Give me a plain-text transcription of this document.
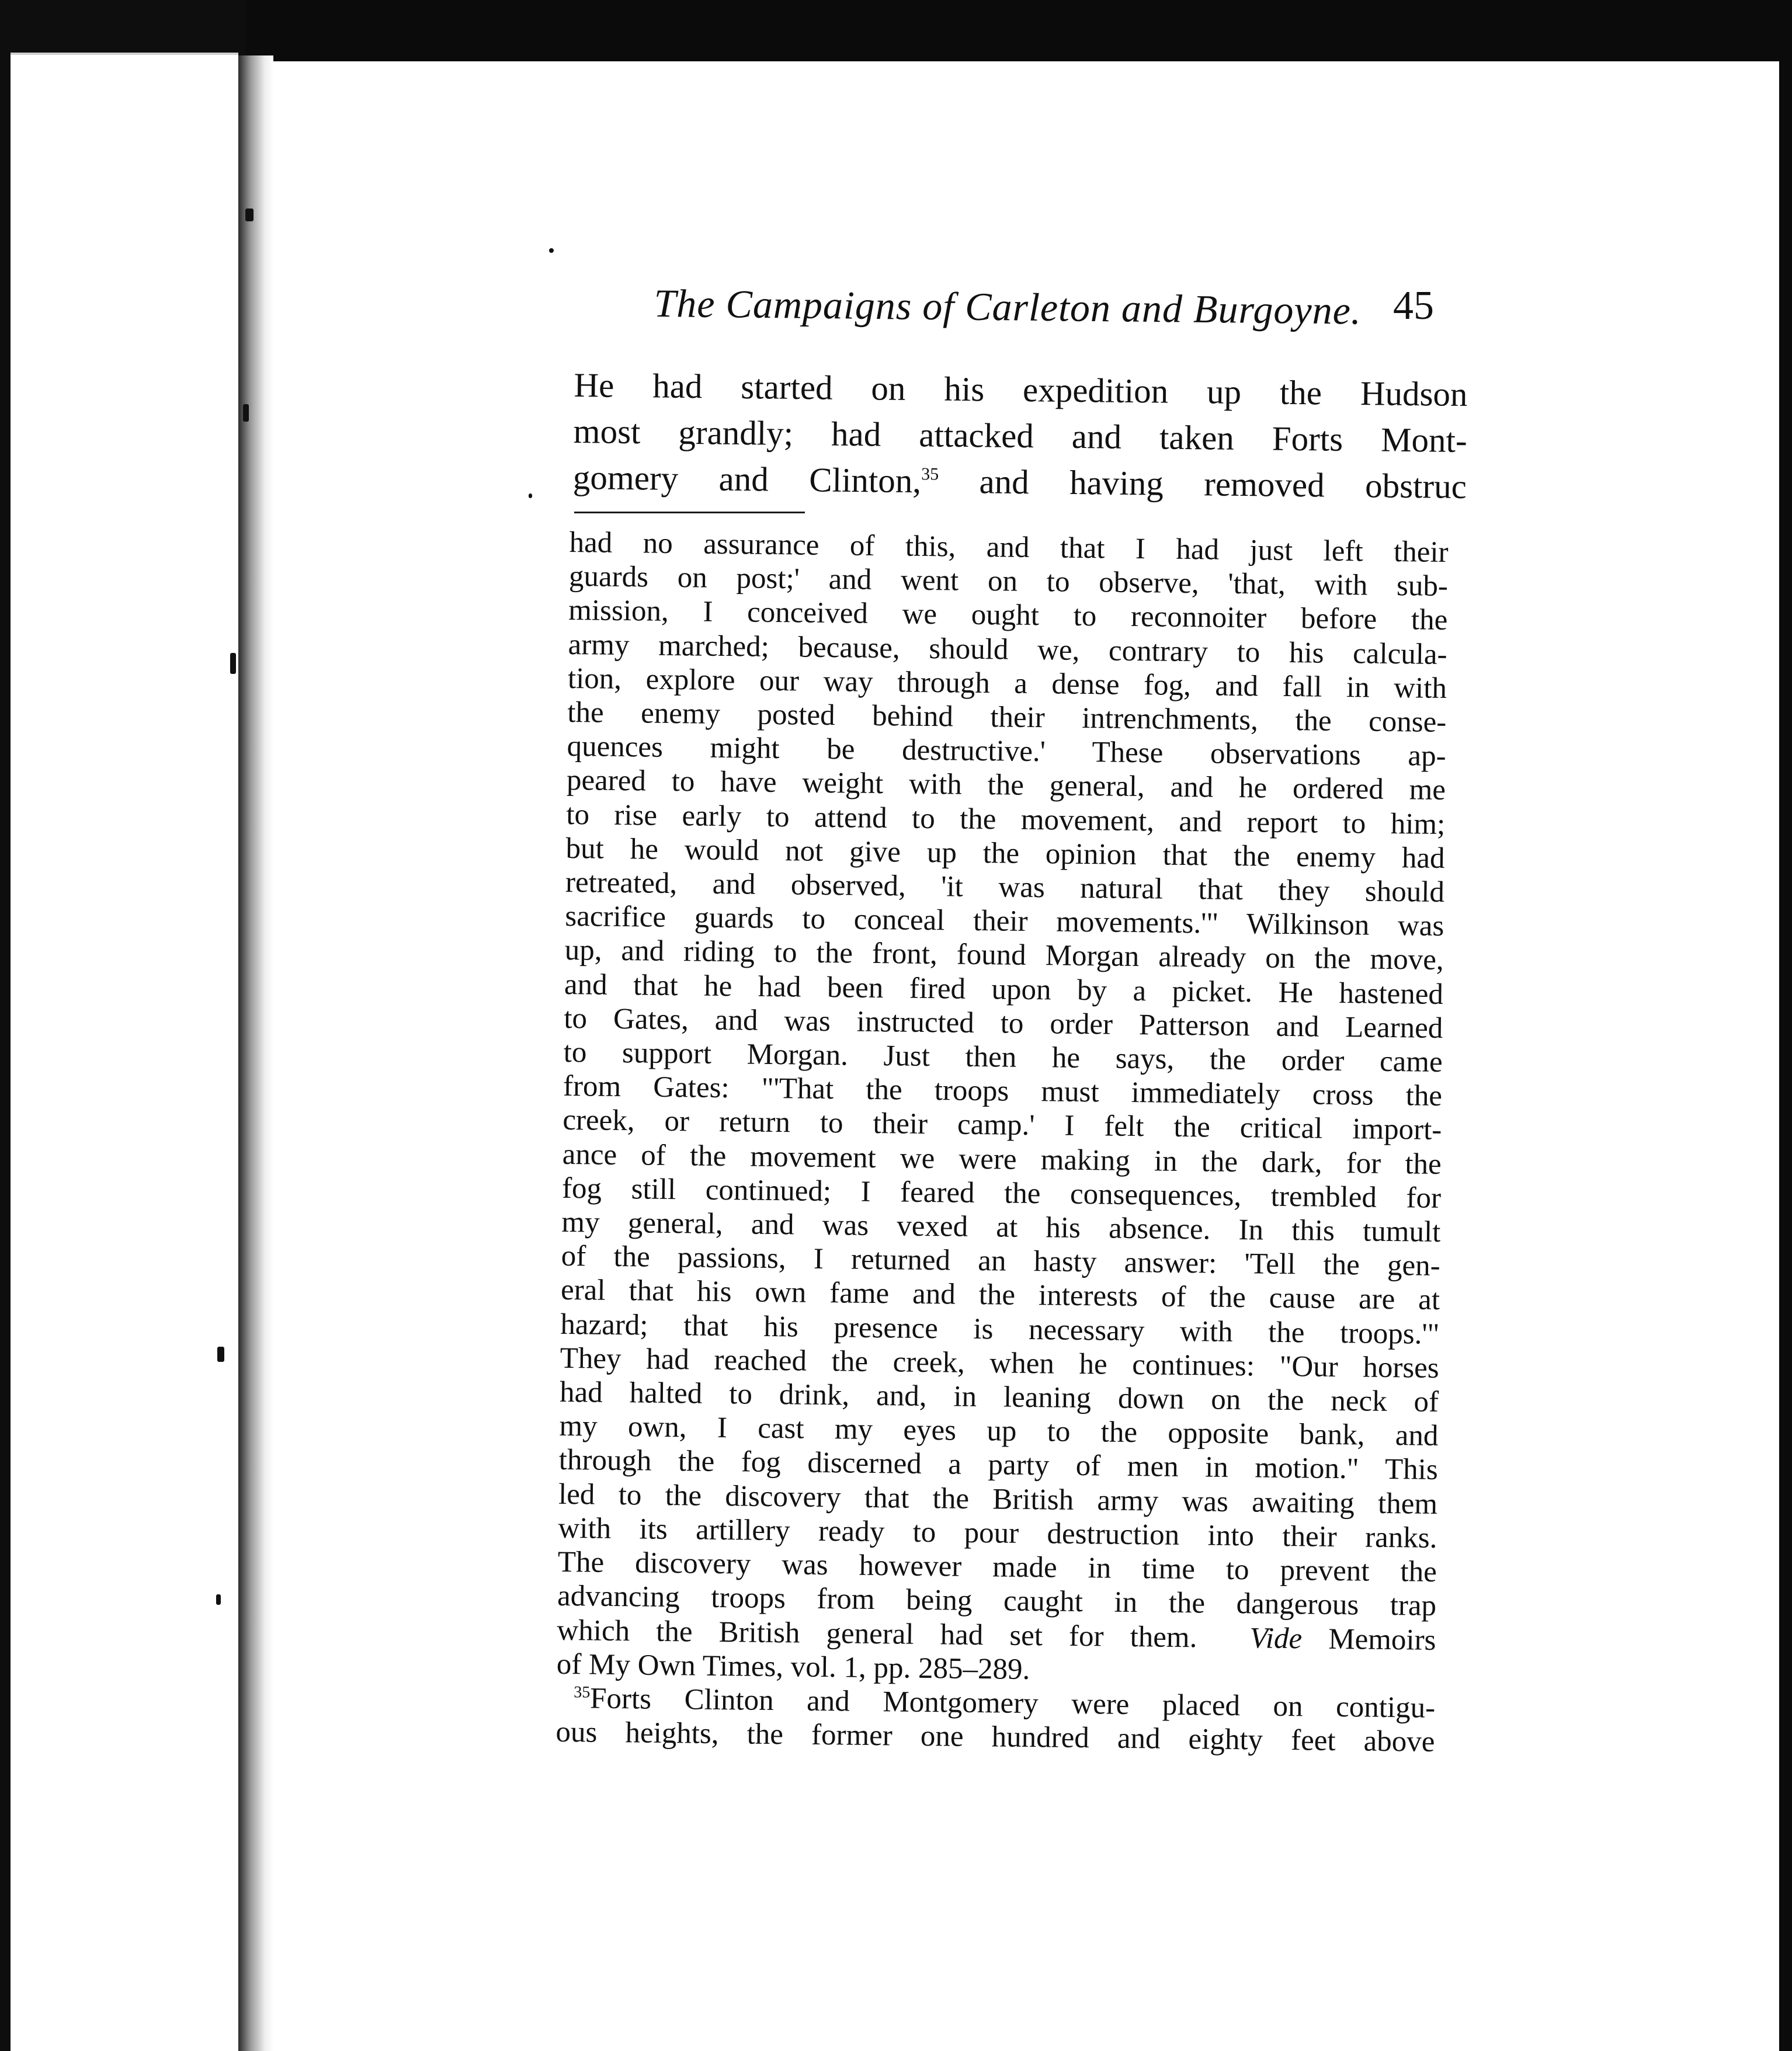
The Campaigns of Carleton and Burgoyne. 45
He had started on his expedition up the Hudson
most grandly; had attacked and taken Forts Mont-
gomery and Clinton,$^{35}$ and having removed obstruc
had no assurance of this, and that I had just left their
guards on post;' and went on to observe, 'that, with sub-
mission, I conceived we ought to reconnoiter before the
army marched; because, should we, contrary to his calcula-
tion, explore our way through a dense fog, and fall in with
the enemy posted behind their intrenchments, the conse-
quences might be destructive.' These observations ap-
peared to have weight with the general, and he ordered me
to rise early to attend to the movement, and report to him;
but he would not give up the opinion that the enemy had
retreated, and observed, 'it was natural that they should
sacrifice guards to conceal their movements.'" Wilkinson was
up, and riding to the front, found Morgan already on the move,
and that he had been fired upon by a picket. He hastened
to Gates, and was instructed to order Patterson and Learned
to support Morgan. Just then he says, the order came
from Gates: "'That the troops must immediately cross the
creek, or return to their camp.' I felt the critical import-
ance of the movement we were making in the dark, for the
fog still continued; I feared the consequences, trembled for
my general, and was vexed at his absence. In this tumult
of the passions, I returned an hasty answer: 'Tell the gen-
eral that his own fame and the interests of the cause are at
hazard; that his presence is necessary with the troops.'"
They had reached the creek, when he continues: "Our horses
had halted to drink, and, in leaning down on the neck of
my own, I cast my eyes up to the opposite bank, and
through the fog discerned a party of men in motion." This
led to the discovery that the British army was awaiting them
with its artillery ready to pour destruction into their ranks.
The discovery was however made in time to prevent the
advancing troops from being caught in the dangerous trap
which the British general had set for them. Vide Memoirs
of My Own Times, vol. 1, pp. 285–289.
$^{35}$Forts Clinton and Montgomery were placed on contigu-
ous heights, the former one hundred and eighty feet above
